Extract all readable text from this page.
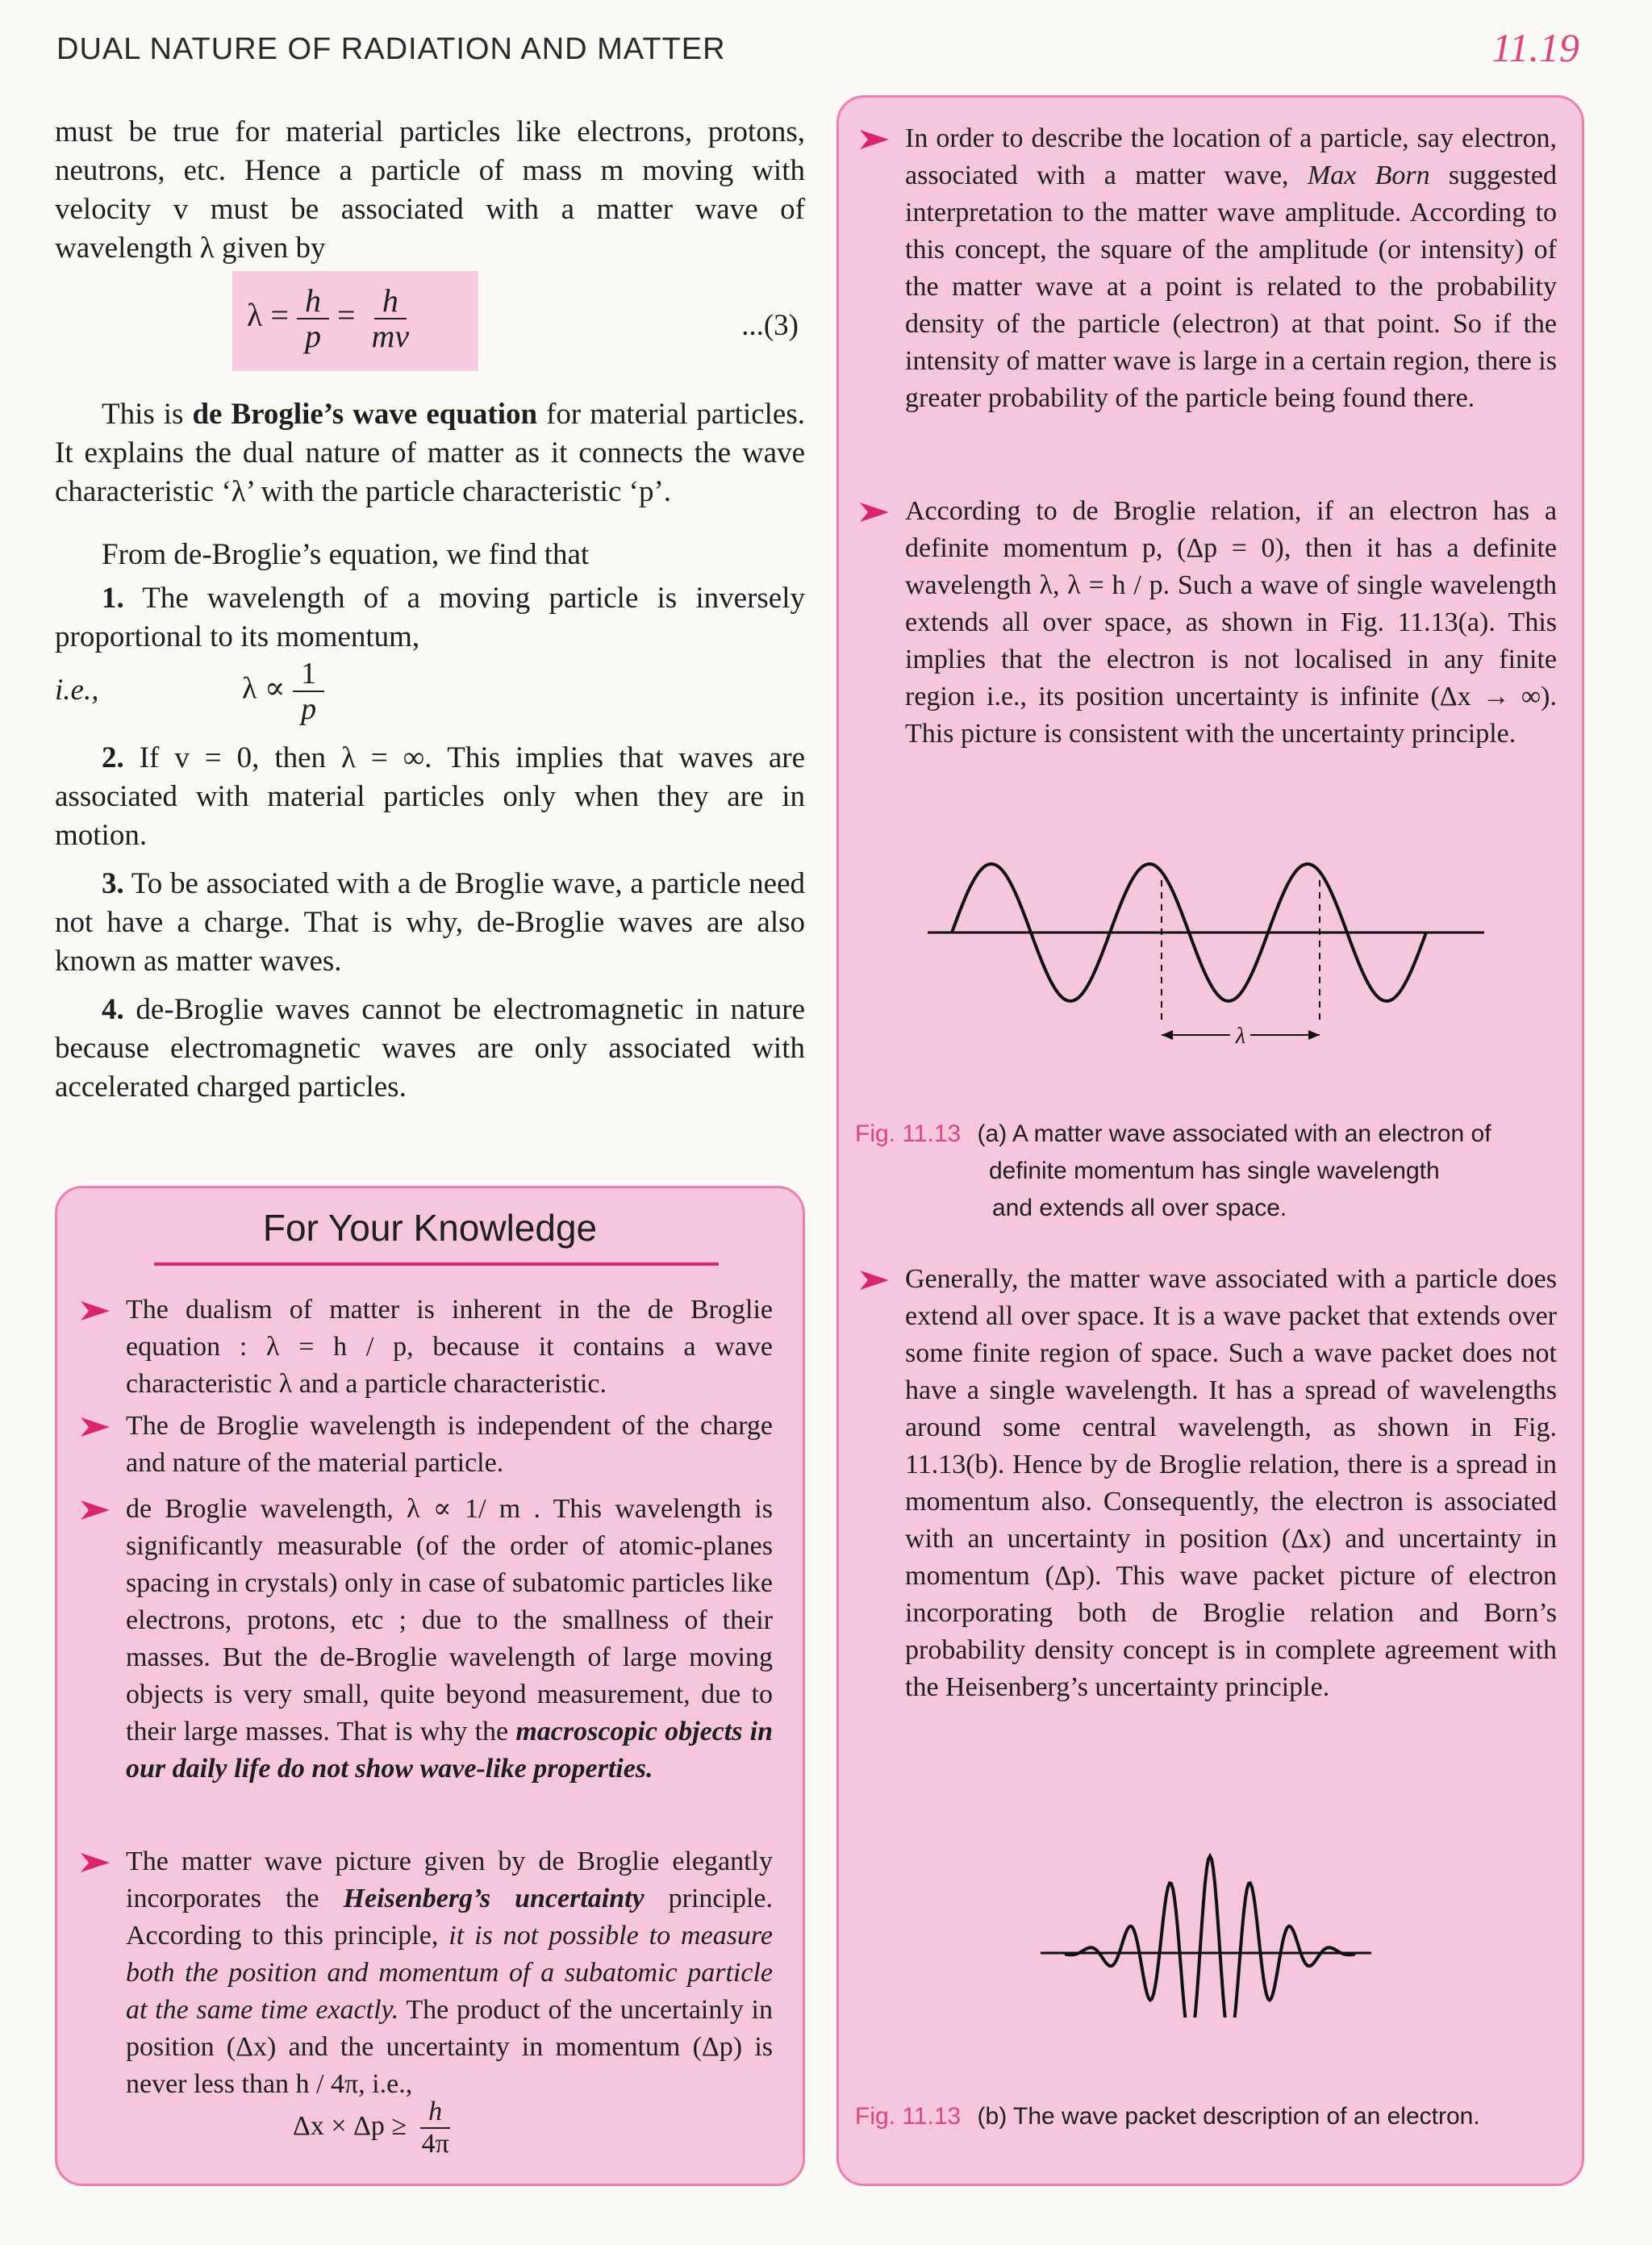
DUAL NATURE OF RADIATION AND MATTER	11.19

must be true for material particles like electrons, protons, neutrons, etc. Hence a particle of mass m moving with velocity v must be associated with a matter wave of wavelength λ given by

$\lambda = \frac{h}{p} = \frac{h}{mv}$	...(3)

This is de Broglie’s wave equation for material particles. It explains the dual nature of matter as it connects the wave characteristic ‘λ’ with the particle characteristic ‘p’.

From de-Broglie’s equation, we find that

1. The wavelength of a moving particle is inversely proportional to its momentum,

i.e.,	$\lambda \propto \frac{1}{p}$

2. If v = 0, then λ = ∞. This implies that waves are associated with material particles only when they are in motion.

3. To be associated with a de Broglie wave, a particle need not have a charge. That is why, de-Broglie waves are also known as matter waves.

4. de-Broglie waves cannot be electromagnetic in nature because electromagnetic waves are only associated with accelerated charged particles.

For Your Knowledge
The dualism of matter is inherent in the de Broglie equation : λ = h / p, because it contains a wave characteristic λ and a particle characteristic.
The de Broglie wavelength is independent of the charge and nature of the material particle.
de Broglie wavelength, λ ∝ 1/ m . This wavelength is significantly measurable (of the order of atomic-planes spacing in crystals) only in case of subatomic particles like electrons, protons, etc ; due to the smallness of their masses. But the de-Broglie wavelength of large moving objects is very small, quite beyond measurement, due to their large masses. That is why the macroscopic objects in our daily life do not show wave-like properties.
The matter wave picture given by de Broglie elegantly incorporates the Heisenberg’s uncertainty principle. According to this principle, it is not possible to measure both the position and momentum of a subatomic particle at the same time exactly. The product of the uncertainly in position (Δx) and the uncertainty in momentum (Δp) is never less than h / 4π, i.e.,
$\Delta x \times \Delta p \ge \frac{h}{4\pi}$
In order to describe the location of a particle, say electron, associated with a matter wave, Max Born suggested interpretation to the matter wave amplitude. According to this concept, the square of the amplitude (or intensity) of the matter wave at a point is related to the probability density of the particle (electron) at that point. So if the intensity of matter wave is large in a certain region, there is greater probability of the particle being found there.
According to de Broglie relation, if an electron has a definite momentum p, (Δp = 0), then it has a definite wavelength λ, λ = h / p. Such a wave of single wavelength extends all over space, as shown in Fig. 11.13(a). This implies that the electron is not localised in any finite region i.e., its position uncertainty is infinite (Δx → ∞). This picture is consistent with the uncertainty principle.
λ
Fig. 11.13 (a) A matter wave associated with an electron of
definite momentum has single wavelength
and extends all over space.
Generally, the matter wave associated with a particle does extend all over space. It is a wave packet that extends over some finite region of space. Such a wave packet does not have a single wavelength. It has a spread of wavelengths around some central wavelength, as shown in Fig. 11.13(b). Hence by de Broglie relation, there is a spread in momentum also. Consequently, the electron is associated with an uncertainty in position (Δx) and uncertainty in momentum (Δp). This wave packet picture of electron incorporating both de Broglie relation and Born’s probability density concept is in complete agreement with the Heisenberg’s uncertainty principle.
Fig. 11.13 (b) The wave packet description of an electron.
